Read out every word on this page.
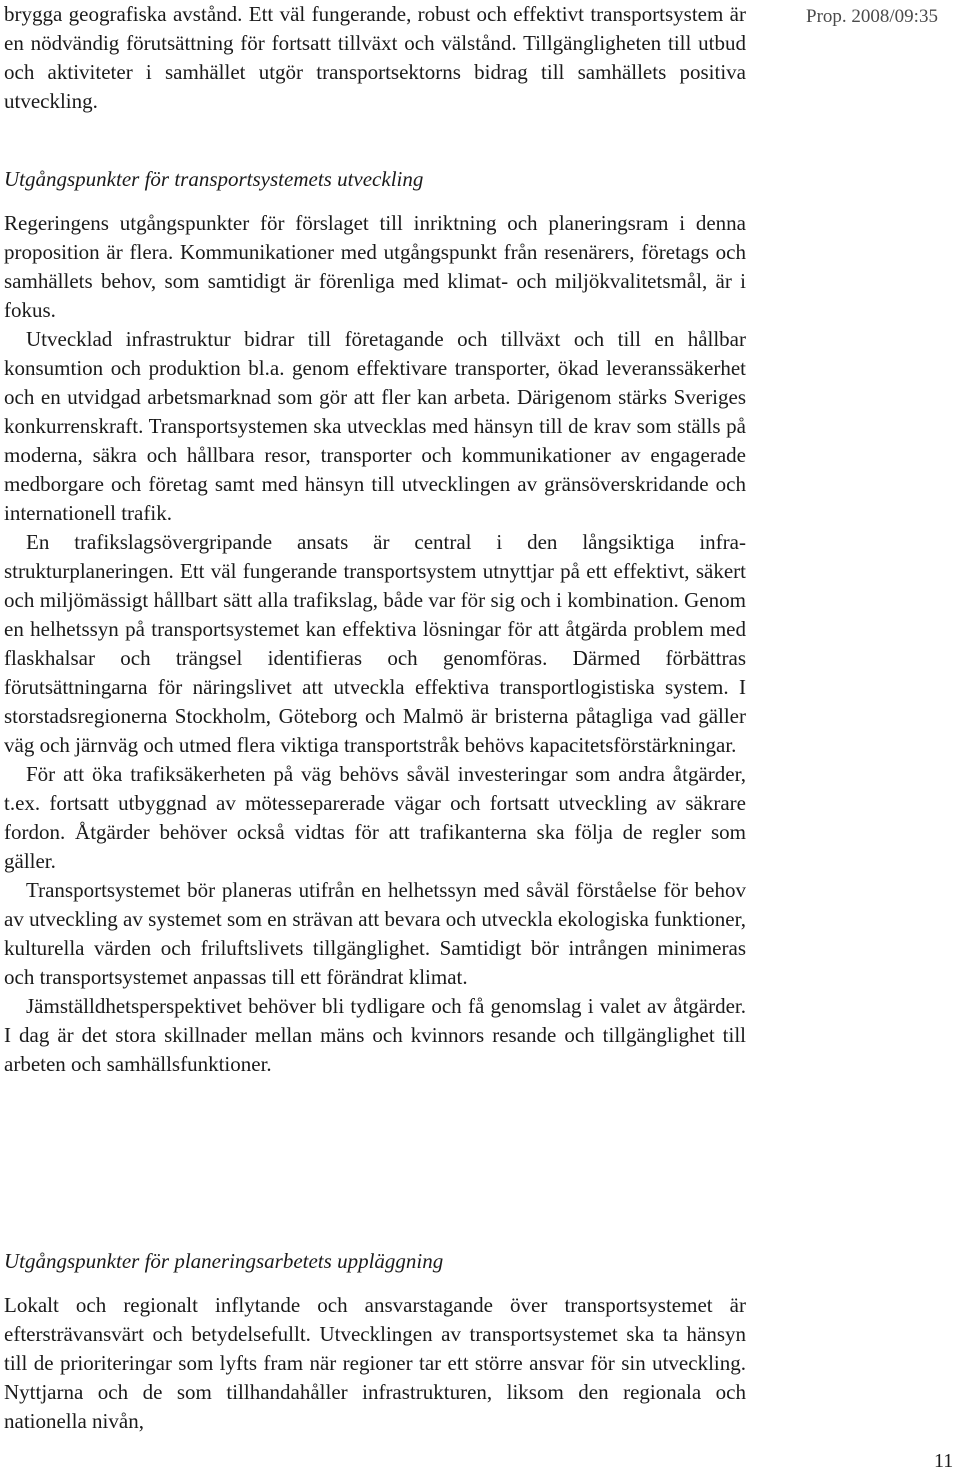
Prop. 2008/09:35

brygga geografiska avstånd. Ett väl fungerande, robust och effektivt transportsystem är en nödvändig förutsättning för fortsatt tillväxt och välstånd. Tillgängligheten till utbud och aktiviteter i samhället utgör transportsektorns bidrag till samhällets positiva utveckling.

Utgångspunkter för transportsystemets utveckling

Regeringens utgångspunkter för förslaget till inriktning och planeringsram i denna proposition är flera. Kommunikationer med utgångspunkt från resenärers, företags och samhällets behov, som samtidigt är förenliga med klimat- och miljökvalitetsmål, är i fokus.

Utvecklad infrastruktur bidrar till företagande och tillväxt och till en hållbar konsumtion och produktion bl.a. genom effektivare transporter, ökad leveranssäkerhet och en utvidgad arbetsmarknad som gör att fler kan arbeta. Därigenom stärks Sveriges konkurrenskraft. Transportsystemen ska utvecklas med hänsyn till de krav som ställs på moderna, säkra och hållbara resor, transporter och kommunikationer av engagerade medborgare och företag samt med hänsyn till utvecklingen av gränsöverskridande och internationell trafik.

En trafikslagsövergripande ansats är central i den långsiktiga infrastrukturplaneringen. Ett väl fungerande transportsystem utnyttjar på ett effektivt, säkert och miljömässigt hållbart sätt alla trafikslag, både var för sig och i kombination. Genom en helhetssyn på transportsystemet kan effektiva lösningar för att åtgärda problem med flaskhalsar och trängsel identifieras och genomföras. Därmed förbättras förutsättningarna för näringslivet att utveckla effektiva transportlogistiska system. I storstadsregionerna Stockholm, Göteborg och Malmö är bristerna påtagliga vad gäller väg och järnväg och utmed flera viktiga transportstråk behövs kapacitetsförstärkningar.

För att öka trafiksäkerheten på väg behövs såväl investeringar som andra åtgärder, t.ex. fortsatt utbyggnad av mötesseparerade vägar och fortsatt utveckling av säkrare fordon. Åtgärder behöver också vidtas för att trafikanterna ska följa de regler som gäller.

Transportsystemet bör planeras utifrån en helhetssyn med såväl förståelse för behov av utveckling av systemet som en strävan att bevara och utveckla ekologiska funktioner, kulturella värden och friluftslivets tillgänglighet. Samtidigt bör intrången minimeras och transportsystemet anpassas till ett förändrat klimat.

Jämställdhetsperspektivet behöver bli tydligare och få genomslag i valet av åtgärder. I dag är det stora skillnader mellan mäns och kvinnors resande och tillgänglighet till arbeten och samhällsfunktioner.

Utgångspunkter för planeringsarbetets uppläggning

Lokalt och regionalt inflytande och ansvarstagande över transportsystemet är eftersträvansvärt och betydelsefullt. Utvecklingen av transportsystemet ska ta hänsyn till de prioriteringar som lyfts fram när regioner tar ett större ansvar för sin utveckling. Nyttjarna och de som tillhandahåller infrastrukturen, liksom den regionala och nationella nivån,

11
